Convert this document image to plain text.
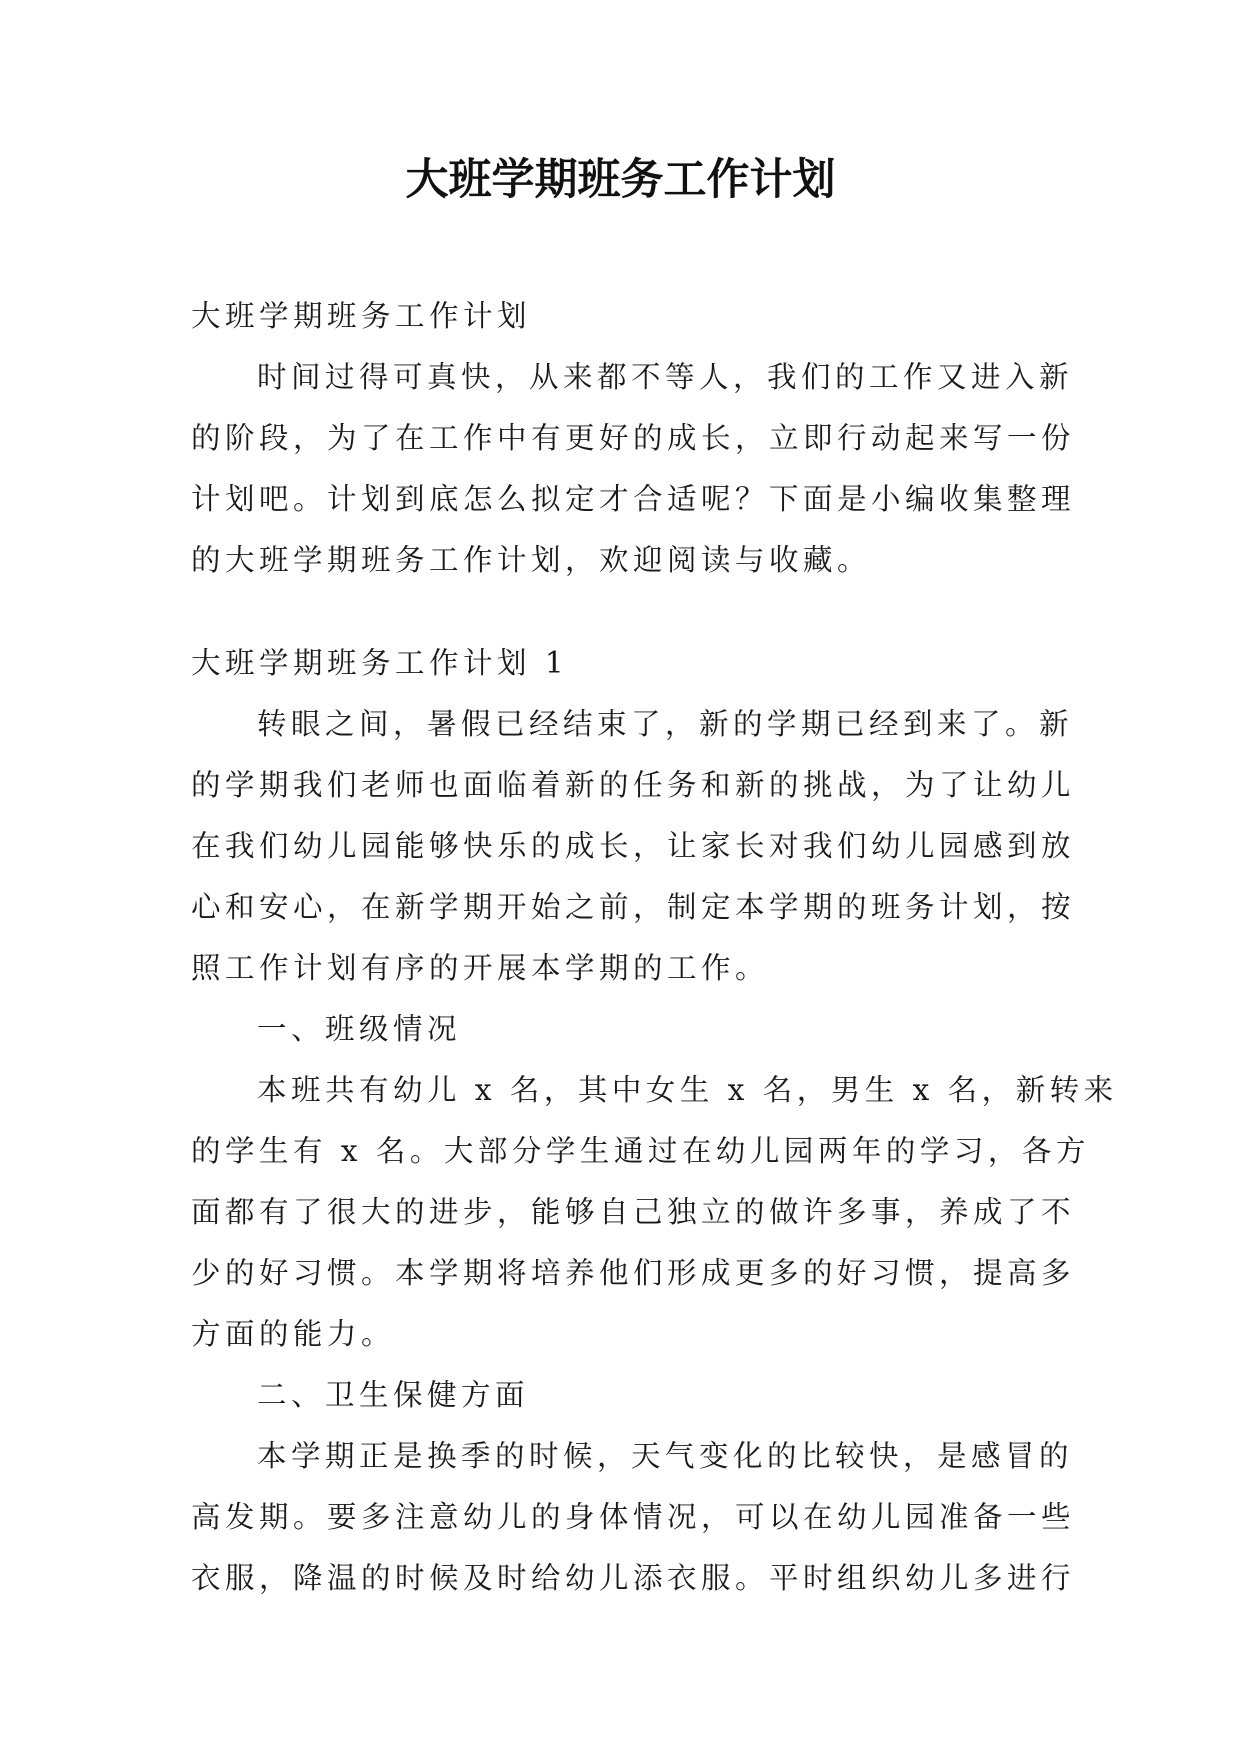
大班学期班务工作计划

大班学期班务工作计划

时间过得可真快，从来都不等人，我们的工作又进入新

的阶段，为了在工作中有更好的成长，立即行动起来写一份

计划吧。计划到底怎么拟定才合适呢？下面是小编收集整理

的大班学期班务工作计划，欢迎阅读与收藏。

大班学期班务工作计划 1

转眼之间，暑假已经结束了，新的学期已经到来了。新

的学期我们老师也面临着新的任务和新的挑战，为了让幼儿

在我们幼儿园能够快乐的成长，让家长对我们幼儿园感到放

心和安心，在新学期开始之前，制定本学期的班务计划，按

照工作计划有序的开展本学期的工作。

一、班级情况

本班共有幼儿 x 名，其中女生 x 名，男生 x 名，新转来

的学生有 x 名。大部分学生通过在幼儿园两年的学习，各方

面都有了很大的进步，能够自己独立的做许多事，养成了不

少的好习惯。本学期将培养他们形成更多的好习惯，提高多

方面的能力。

二、卫生保健方面

本学期正是换季的时候，天气变化的比较快，是感冒的

高发期。要多注意幼儿的身体情况，可以在幼儿园准备一些

衣服，降温的时候及时给幼儿添衣服。平时组织幼儿多进行
